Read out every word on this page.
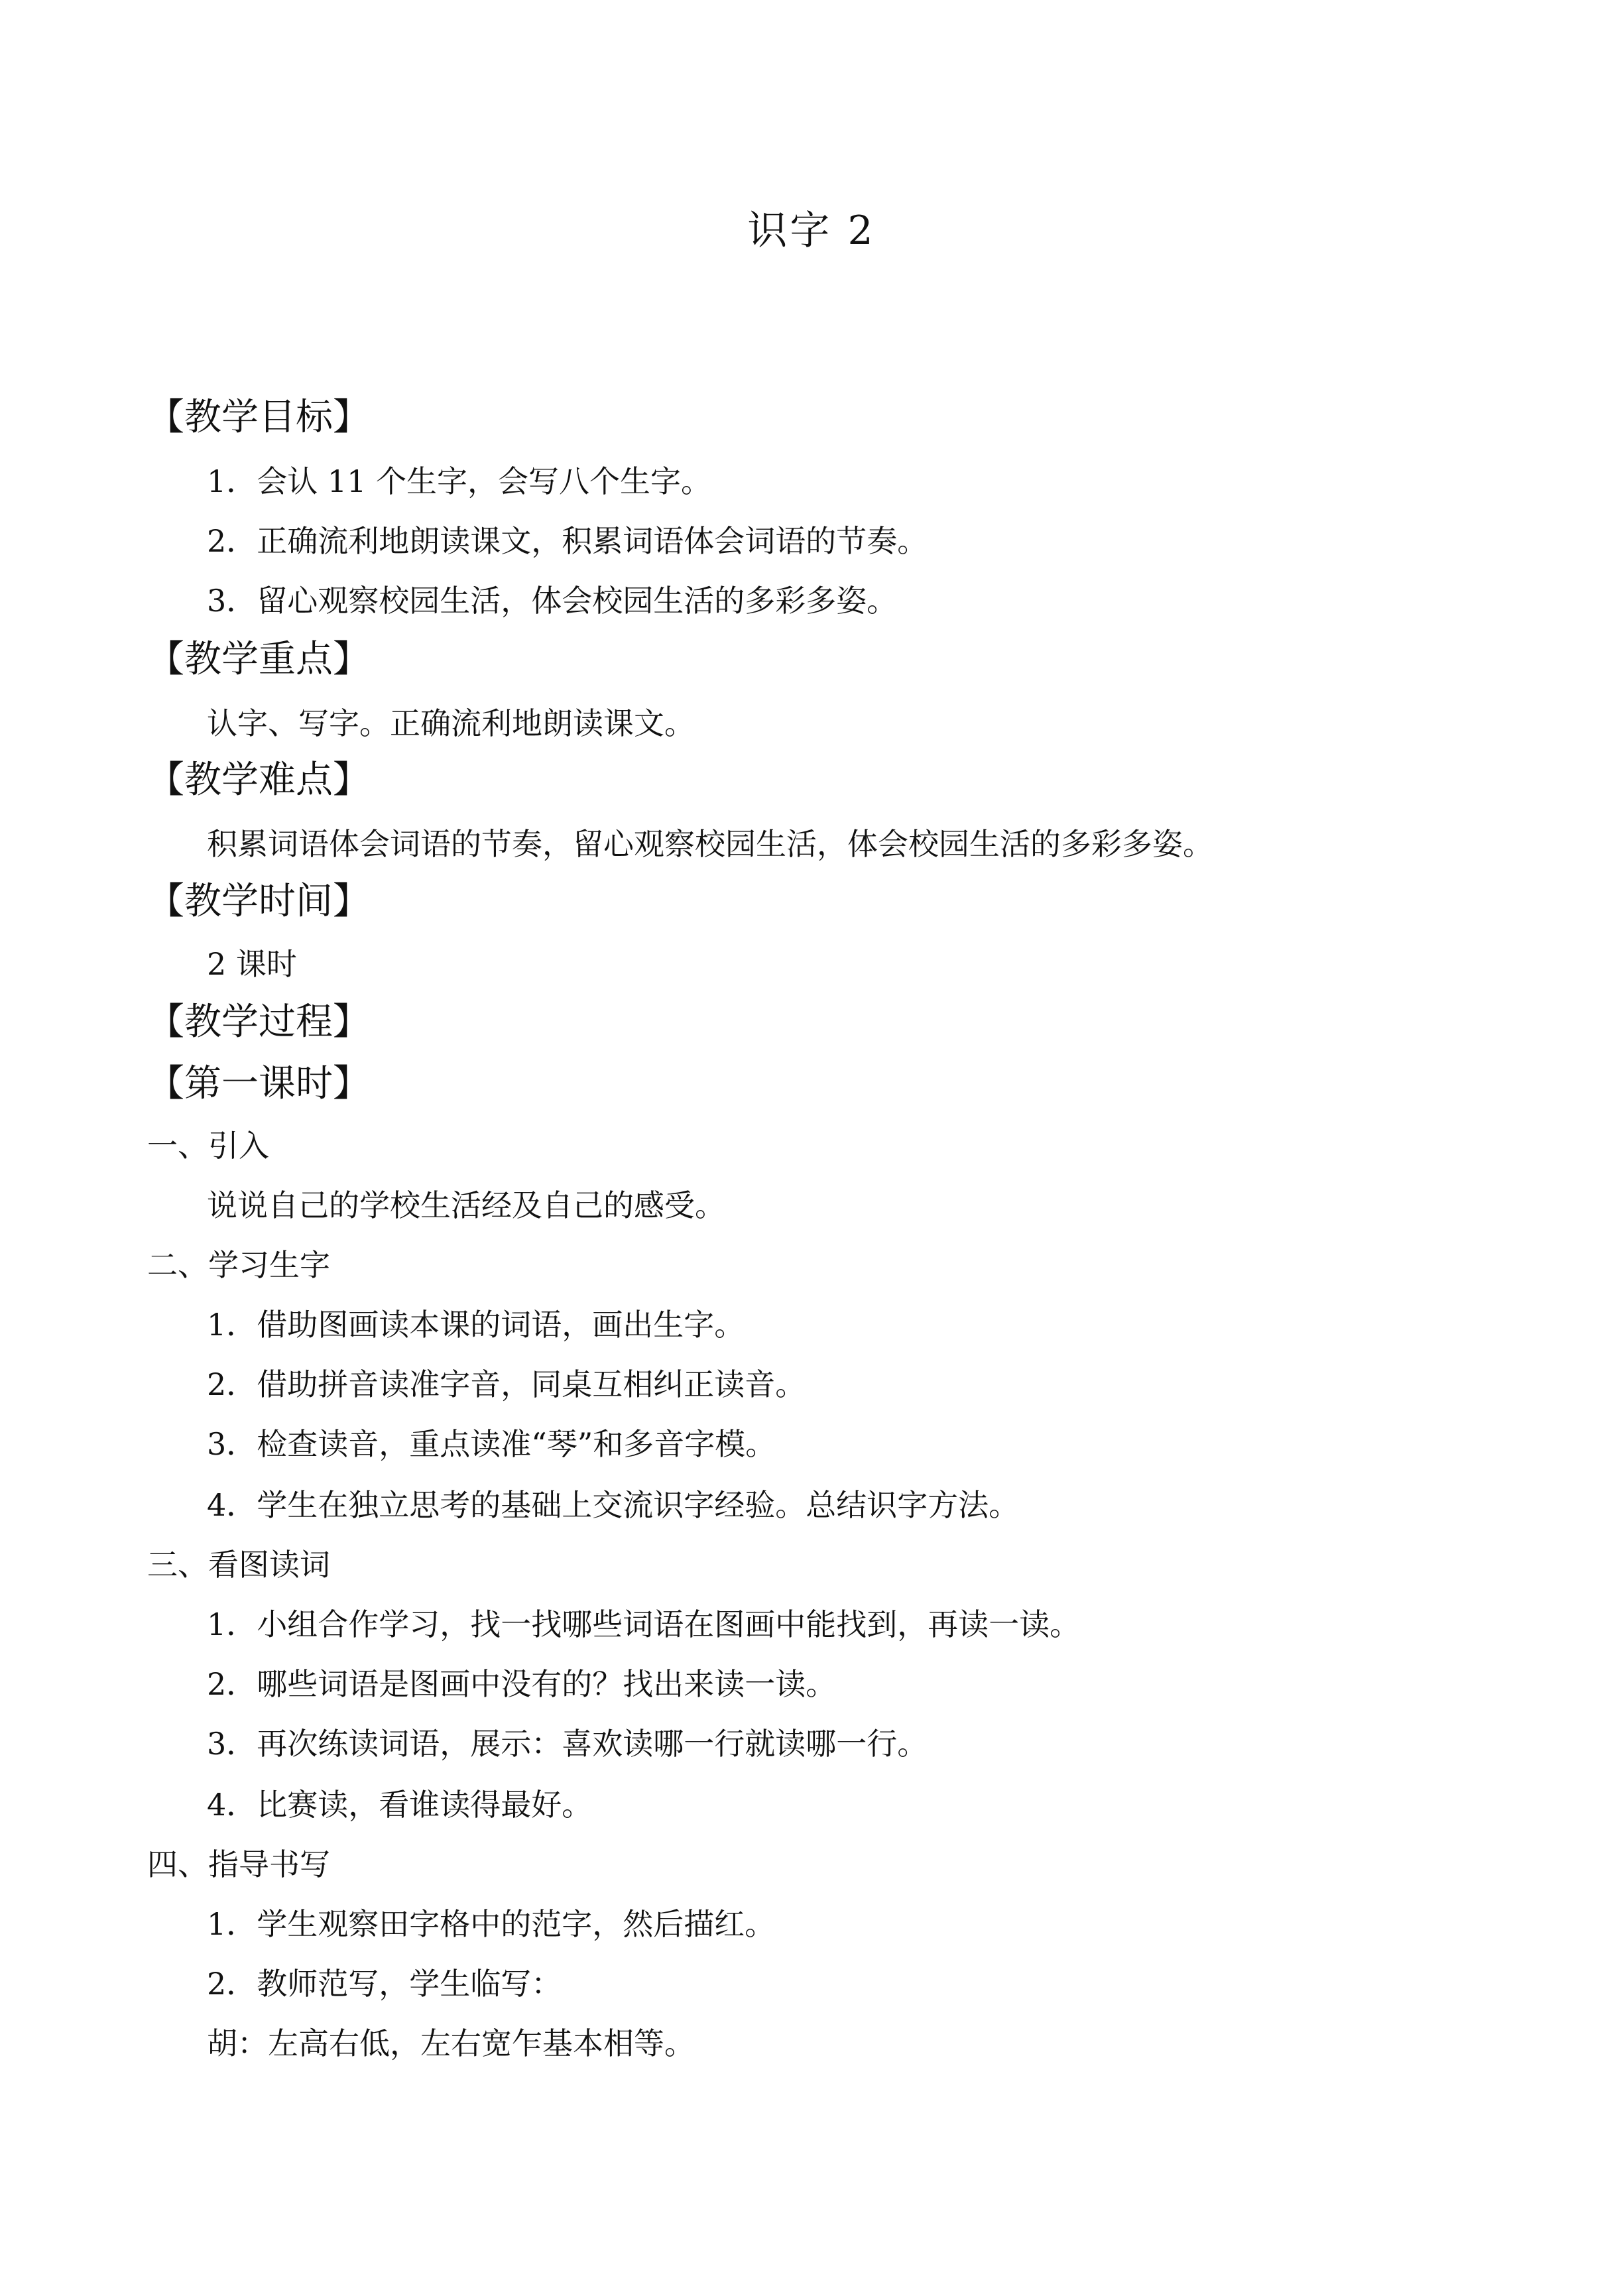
识字 2
【教学目标】
1．会认 11 个生字，会写八个生字。
2．正确流利地朗读课文，积累词语体会词语的节奏。
3．留心观察校园生活，体会校园生活的多彩多姿。
【教学重点】
认字、写字。正确流利地朗读课文。
【教学难点】
积累词语体会词语的节奏，留心观察校园生活，体会校园生活的多彩多姿。
【教学时间】
2 课时
【教学过程】
【第一课时】
一、引入
说说自己的学校生活经及自己的感受。
二、学习生字
1．借助图画读本课的词语，画出生字。
2．借助拼音读准字音，同桌互相纠正读音。
3．检查读音，重点读准“琴”和多音字模。
4．学生在独立思考的基础上交流识字经验。总结识字方法。
三、看图读词
1．小组合作学习，找一找哪些词语在图画中能找到，再读一读。
2．哪些词语是图画中没有的？找出来读一读。
3．再次练读词语，展示：喜欢读哪一行就读哪一行。
4．比赛读，看谁读得最好。
四、指导书写
1．学生观察田字格中的范字，然后描红。
2．教师范写，学生临写：
胡：左高右低，左右宽乍基本相等。
